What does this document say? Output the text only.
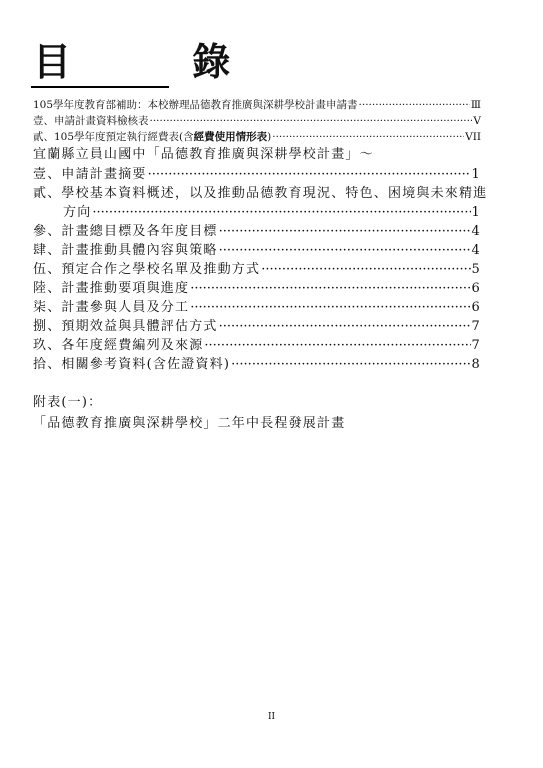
目 錄
105學年度教育部補助：本校辦理品德教育推廣與深耕學校計畫申請書 ·····	Ⅲ
壹、申請計畫資料檢核表 ·····	V
貳、105學年度預定執行經費表(含經費使用情形表) ·····	VII
宜蘭縣立員山國中「品德教育推廣與深耕學校計畫」～
壹、申請計畫摘要 ·····	1
貳、學校基本資料概述，以及推動品德教育現況、特色、困境與未來精進
方向 ·····	1
參、計畫總目標及各年度目標 ·····	4
肆、計畫推動具體內容與策略 ·····	4
伍、預定合作之學校名單及推動方式 ·····	5
陸、計畫推動要項與進度 ·····	6
柒、計畫參與人員及分工 ·····	6
捌、預期效益與具體評估方式 ·····	7
玖、各年度經費編列及來源 ·····	7
拾、相關參考資料(含佐證資料) ·····	8
附表(一)：
「品德教育推廣與深耕學校」二年中長程發展計畫
II
